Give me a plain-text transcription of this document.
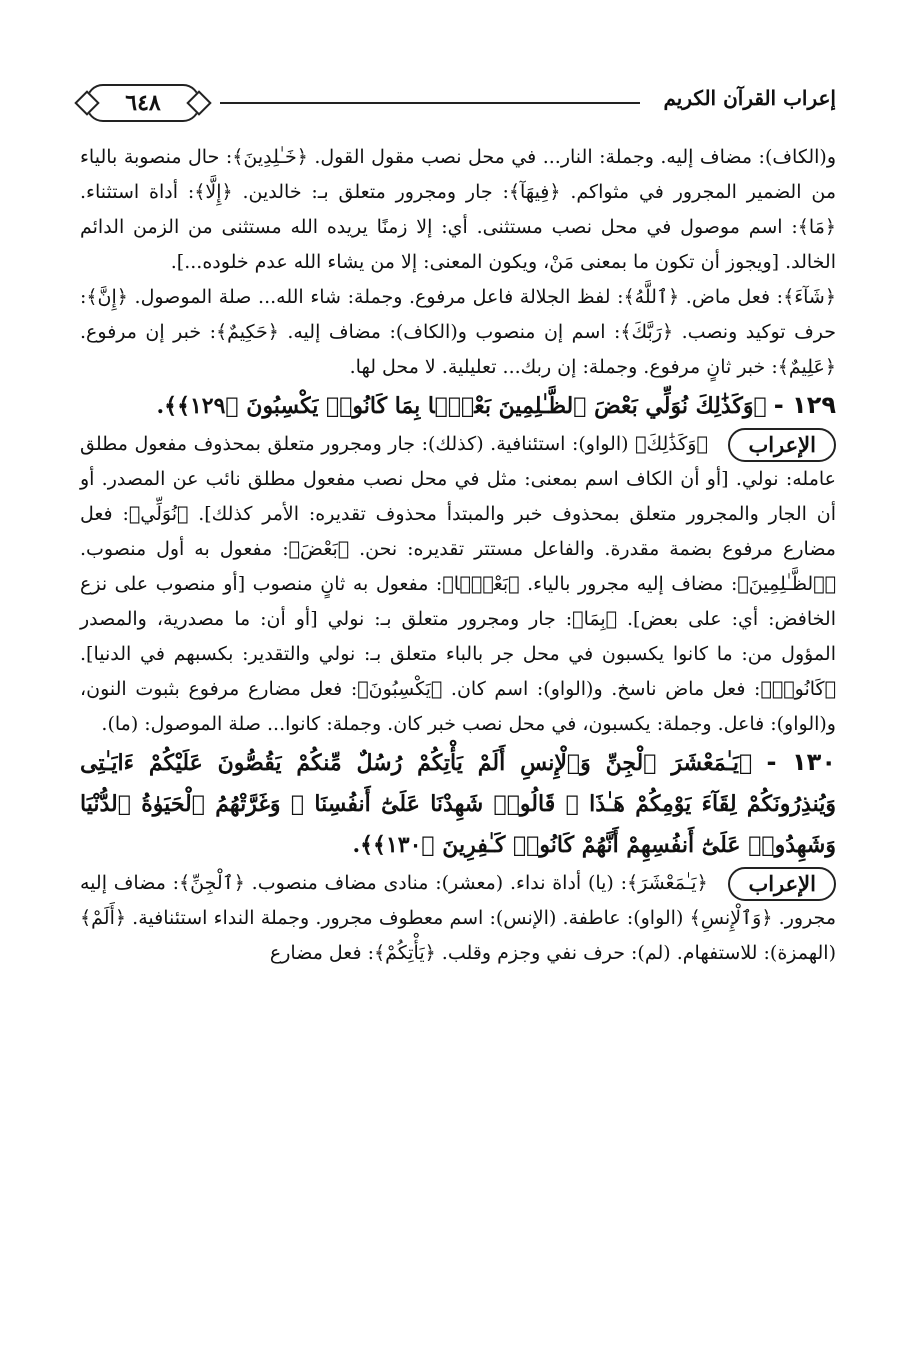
٦٤٨	إعراب القرآن الكريم

و(الكاف): مضاف إليه. وجملة: النار... في محل نصب مقول القول. ﴿خَـٰلِدِينَ﴾: حال منصوبة بالياء من الضمير المجرور في مثواكم. ﴿فِيهَآ﴾: جار ومجرور متعلق بـ: خالدين. ﴿إِلَّا﴾: أداة استثناء. ﴿مَا﴾: اسم موصول في محل نصب مستثنى. أي: إلا زمنًا يريده الله مستثنى من الزمن الدائم الخالد. [ويجوز أن تكون ما بمعنى مَنْ، ويكون المعنى: إلا من يشاء الله عدم خلوده...].

﴿شَآءَ﴾: فعل ماض. ﴿ٱللَّهُ﴾: لفظ الجلالة فاعل مرفوع. وجملة: شاء الله... صلة الموصول. ﴿إِنَّ﴾: حرف توكيد ونصب. ﴿رَبَّكَ﴾: اسم إن منصوب و(الكاف): مضاف إليه. ﴿حَكِيمٌ﴾: خبر إن مرفوع. ﴿عَلِيمٌ﴾: خبر ثانٍ مرفوع. وجملة: إن ربك... تعليلية. لا محل لها.

١٢٩ - ﴿وَكَذَٰلِكَ نُوَلِّي بَعْضَ ٱلظَّـٰلِمِينَ بَعْضًۢا بِمَا كَانُوا۟ يَكْسِبُونَ ﴿١٢٩﴾﴾.

الإعراب ﴿وَكَذَٰلِكَ﴾ (الواو): استئنافية. (كذلك): جار ومجرور متعلق بمحذوف مفعول مطلق عامله: نولي. [أو أن الكاف اسم بمعنى: مثل في محل نصب مفعول مطلق نائب عن المصدر. أو أن الجار والمجرور متعلق بمحذوف خبر والمبتدأ محذوف تقديره: الأمر كذلك]. ﴿نُوَلِّي﴾: فعل مضارع مرفوع بضمة مقدرة. والفاعل مستتر تقديره: نحن. ﴿بَعْضَ﴾: مفعول به أول منصوب. ﴿ٱلظَّـٰلِمِينَ﴾: مضاف إليه مجرور بالياء. ﴿بَعْضًۢا﴾: مفعول به ثانٍ منصوب [أو منصوب على نزع الخافض: أي: على بعض]. ﴿بِمَا﴾: جار ومجرور متعلق بـ: نولي [أو أن: ما مصدرية، والمصدر المؤول من: ما كانوا يكسبون في محل جر بالباء متعلق بـ: نولي والتقدير: بكسبهم في الدنيا]. ﴿كَانُوا۟﴾: فعل ماض ناسخ. و(الواو): اسم كان. ﴿يَكْسِبُونَ﴾: فعل مضارع مرفوع بثبوت النون، و(الواو): فاعل. وجملة: يكسبون، في محل نصب خبر كان. وجملة: كانوا... صلة الموصول: (ما).

١٣٠ - ﴿يَـٰمَعْشَرَ ٱلْجِنِّ وَٱلْإِنسِ أَلَمْ يَأْتِكُمْ رُسُلٌ مِّنكُمْ يَقُصُّونَ عَلَيْكُمْ ءَايَـٰتِى وَيُنذِرُونَكُمْ لِقَآءَ يَوْمِكُمْ هَـٰذَا ۚ قَالُوا۟ شَهِدْنَا عَلَىٰٓ أَنفُسِنَا ۖ وَغَرَّتْهُمُ ٱلْحَيَوٰةُ ٱلدُّنْيَا وَشَهِدُوا۟ عَلَىٰٓ أَنفُسِهِمْ أَنَّهُمْ كَانُوا۟ كَـٰفِرِينَ ﴿١٣٠﴾﴾.

الإعراب ﴿يَـٰمَعْشَرَ﴾: (يا) أداة نداء. (معشر): منادى مضاف منصوب. ﴿ٱلْجِنِّ﴾: مضاف إليه مجرور. ﴿وَٱلْإِنسِ﴾ (الواو): عاطفة. (الإنس): اسم معطوف مجرور. وجملة النداء استئنافية. ﴿أَلَمْ﴾ (الهمزة): للاستفهام. (لم): حرف نفي وجزم وقلب. ﴿يَأْتِكُمْ﴾: فعل مضارع
